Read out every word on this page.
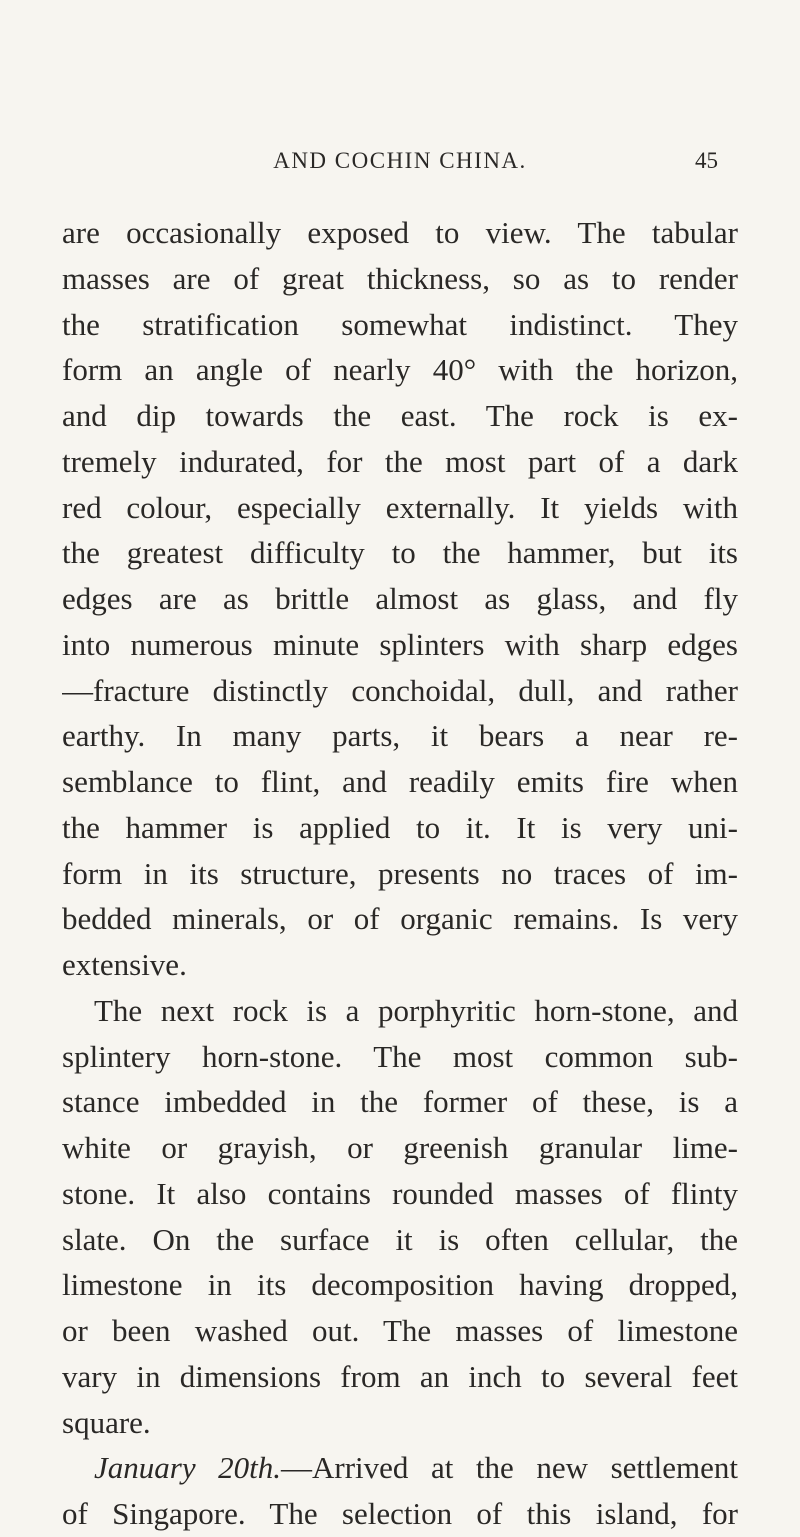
AND COCHIN CHINA.	45
are occasionally exposed to view. The tabular
masses are of great thickness, so as to render
the stratification somewhat indistinct. They
form an angle of nearly 40° with the horizon,
and dip towards the east. The rock is ex-
tremely indurated, for the most part of a dark
red colour, especially externally. It yields with
the greatest difficulty to the hammer, but its
edges are as brittle almost as glass, and fly
into numerous minute splinters with sharp edges
—fracture distinctly conchoidal, dull, and rather
earthy. In many parts, it bears a near re-
semblance to flint, and readily emits fire when
the hammer is applied to it. It is very uni-
form in its structure, presents no traces of im-
bedded minerals, or of organic remains. Is very
extensive.
The next rock is a porphyritic horn-stone, and
splintery horn-stone. The most common sub-
stance imbedded in the former of these, is a
white or grayish, or greenish granular lime-
stone. It also contains rounded masses of flinty
slate. On the surface it is often cellular, the
limestone in its decomposition having dropped,
or been washed out. The masses of limestone
vary in dimensions from an inch to several feet
square.
January 20th.—Arrived at the new settlement
of Singapore. The selection of this island, for
